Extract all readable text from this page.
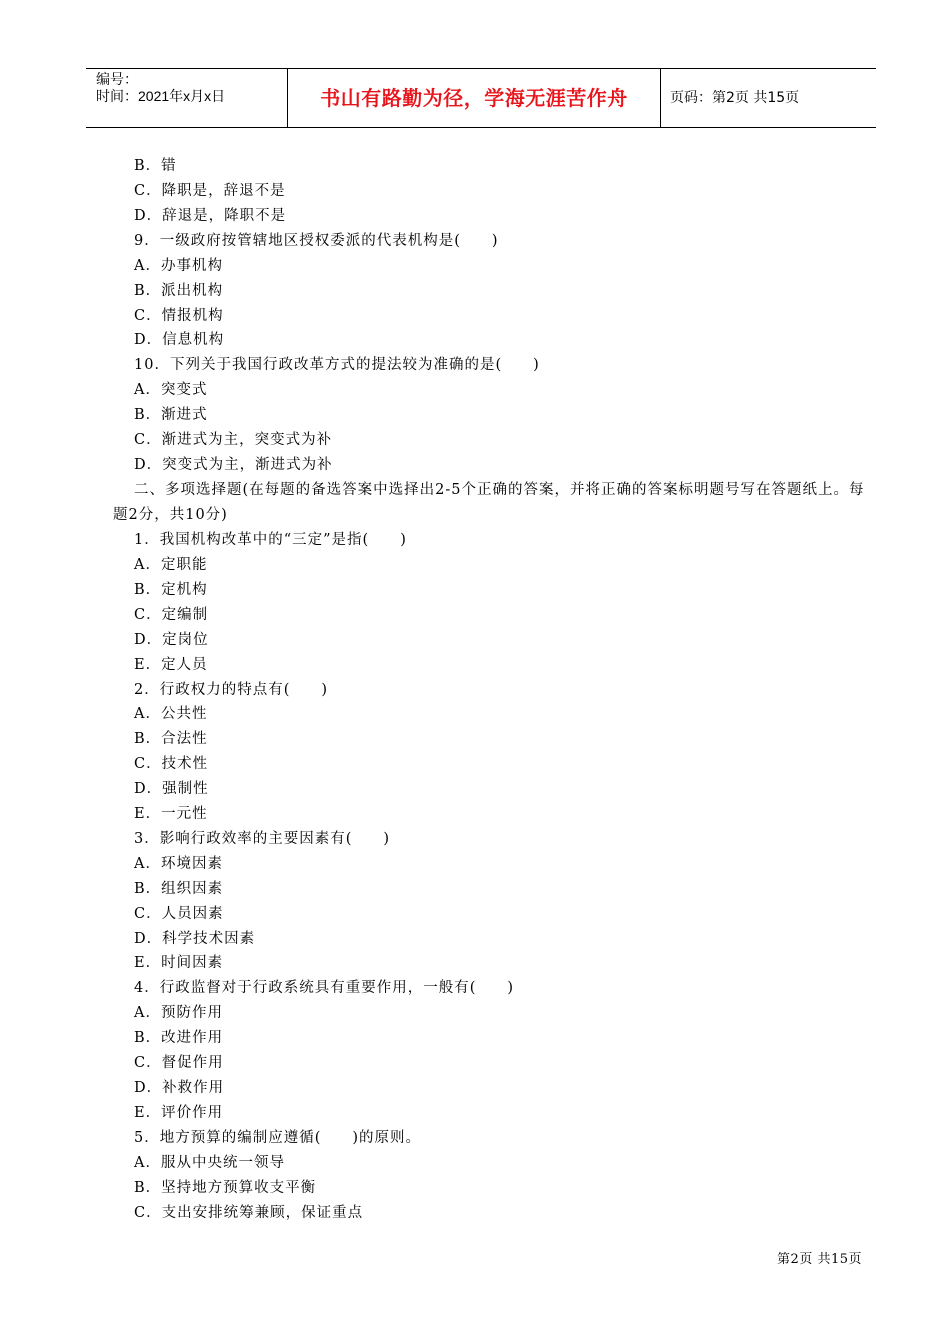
编号：
时间：2021年x月x日	书山有路勤为径，学海无涯苦作舟	页码：第2页 共15页
B．错
C．降职是，辞退不是
D．辞退是，降职不是
9．一级政府按管辖地区授权委派的代表机构是(　　)
A．办事机构
B．派出机构
C．情报机构
D．信息机构
10．下列关于我国行政改革方式的提法较为准确的是(　　)
A．突变式
B．渐进式
C．渐进式为主，突变式为补
D．突变式为主，渐进式为补
二、多项选择题(在每题的备选答案中选择出2-5个正确的答案，并将正确的答案标明题号写在答题纸上。每题2分，共10分)
1．我国机构改革中的“三定”是指(　　)
A．定职能
B．定机构
C．定编制
D．定岗位
E．定人员
2．行政权力的特点有(　　)
A．公共性
B．合法性
C．技术性
D．强制性
E．一元性
3．影响行政效率的主要因素有(　　)
A．环境因素
B．组织因素
C．人员因素
D．科学技术因素
E．时间因素
4．行政监督对于行政系统具有重要作用，一般有(　　)
A．预防作用
B．改进作用
C．督促作用
D．补救作用
E．评价作用
5．地方预算的编制应遵循(　　)的原则。
A．服从中央统一领导
B．坚持地方预算收支平衡
C．支出安排统筹兼顾，保证重点
第2页 共15页
